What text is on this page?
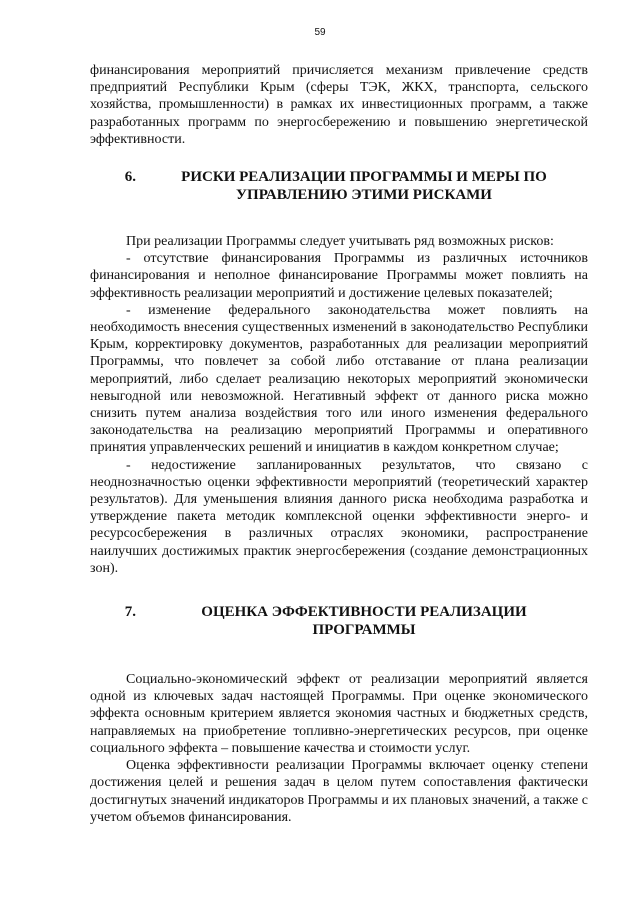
59

финансирования мероприятий причисляется механизм привлечение средств предприятий Республики Крым (сферы ТЭК, ЖКХ, транспорта, сельского хозяйства, промышленности) в рамках их инвестиционных программ, а также разработанных программ по энергосбережению и повышению энергетической эффективности.

6.	РИСКИ РЕАЛИЗАЦИИ ПРОГРАММЫ И МЕРЫ ПО УПРАВЛЕНИЮ ЭТИМИ РИСКАМИ

При реализации Программы следует учитывать ряд возможных рисков:

- отсутствие финансирования Программы из различных источников финансирования и неполное финансирование Программы может повлиять на эффективность реализации мероприятий и достижение целевых показателей;

- изменение федерального законодательства может повлиять на необходимость внесения существенных изменений в законодательство Республики Крым, корректировку документов, разработанных для реализации мероприятий Программы, что повлечет за собой либо отставание от плана реализации мероприятий, либо сделает реализацию некоторых мероприятий экономически невыгодной или невозможной. Негативный эффект от данного риска можно снизить путем анализа воздействия того или иного изменения федерального законодательства на реализацию мероприятий Программы и оперативного принятия управленческих решений и инициатив в каждом конкретном случае;

- недостижение запланированных результатов, что связано с неоднозначностью оценки эффективности мероприятий (теоретический характер результатов). Для уменьшения влияния данного риска необходима разработка и утверждение пакета методик комплексной оценки эффективности энерго- и ресурсосбережения в различных отраслях экономики, распространение наилучших достижимых практик энергосбережения (создание демонстрационных зон).

7.	ОЦЕНКА ЭФФЕКТИВНОСТИ РЕАЛИЗАЦИИ ПРОГРАММЫ

Социально-экономический эффект от реализации мероприятий является одной из ключевых задач настоящей Программы. При оценке экономического эффекта основным критерием является экономия частных и бюджетных средств, направляемых на приобретение топливно-энергетических ресурсов, при оценке социального эффекта – повышение качества и стоимости услуг.

Оценка эффективности реализации Программы включает оценку степени достижения целей и решения задач в целом путем сопоставления фактически достигнутых значений индикаторов Программы и их плановых значений, а также с учетом объемов финансирования.
